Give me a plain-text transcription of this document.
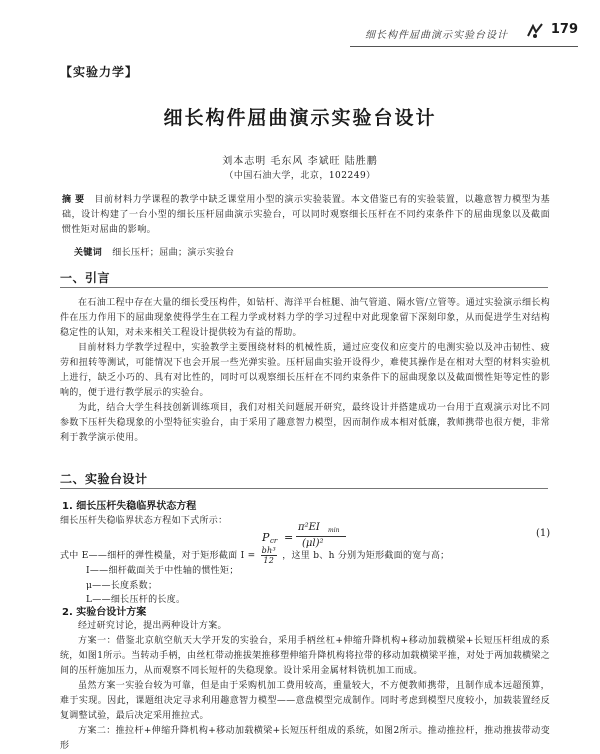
细长构件屈曲演示实验台设计	179
【实验力学】
细长构件屈曲演示实验台设计
刘本志明 毛东风 李斌旺 陆胜鹏
（中国石油大学，北京，102249）
摘 要 目前材料力学课程的教学中缺乏课堂用小型的演示实验装置。本文借鉴已有的实验装置，以趣意智力模型为基础，设计构建了一台小型的细长压杆屈曲演示实验台，可以同时观察细长压杆在不同约束条件下的屈曲现象以及截面惯性矩对屈曲的影响。
关键词 细长压杆；屈曲；演示实验台
一、引言

在石油工程中存在大量的细长受压构件，如钻杆、海洋平台桩腿、油气管道、隔水管/立管等。通过实验演示细长构件在压力作用下的屈曲现象使得学生在工程力学或材料力学的学习过程中对此现象留下深刻印象，从而促进学生对结构稳定性的认知，对未来相关工程设计提供较为有益的帮助。

目前材料力学教学过程中，实验教学主要围绕材料的机械性质，通过应变仪和应变片的电测实验以及冲击韧性、疲劳和扭转等测试，可能情况下也会开展一些光弹实验。压杆屈曲实验开设得少，难使其操作是在相对大型的材料实验机上进行，缺乏小巧的、具有对比性的，同时可以观察细长压杆在不同约束条件下的屈曲现象以及截面惯性矩等定性的影响的，便于进行教学展示的实验台。

为此，结合大学生科技创新训练项目，我们对相关问题展开研究，最终设计并搭建成功一台用于直观演示对比不同参数下压杆失稳现象的小型特征实验台，由于采用了趣意智力模型，因而制作成本相对低廉，教师携带也很方便，非常利于教学演示使用。

二、实验台设计
1. 细长压杆失稳临界状态方程
细长压杆失稳临界状态方程如下式所示：
P cr =
π²EI min
(μl)²
(1)
式中 E——细杆的弹性模量，对于矩形截面 $I = \frac{\text{bh³}}{12}$ ，这里 b、h 分别为矩形截面的宽与高；
I——细杆截面关于中性轴的惯性矩；
μ——长度系数；
L——细长压杆的长度。
2. 实验台设计方案

经过研究讨论，提出两种设计方案。

方案一：借鉴北京航空航天大学开发的实验台，采用手柄丝杠+伸缩升降机构+移动加载横梁+长短压杆组成的系统，如图1所示。当转动手柄，由丝杠带动推拔架推移塑伸缩升降机构将拉带的移动加载横梁平推，对处于两加载横梁之间的压杆施加压力，从而观察不同长短杆的失稳现象。设计采用金属材料铣机加工而成。

虽然方案一实验台较为可靠，但是由于采购机加工费用较高，重量较大，不方便教师携带，且制作成本远超预算，难于实现。因此，课题组决定寻求利用趣意智力模型——意盘模型完成制作。同时考虑到模型尺度较小，加载装置经反复调整试验，最后决定采用推拉式。

方案二：推拉杆+伸缩升降机构+移动加载横梁+长短压杆组成的系统，如图2所示。推动推拉杆，推动推拔带动变形
